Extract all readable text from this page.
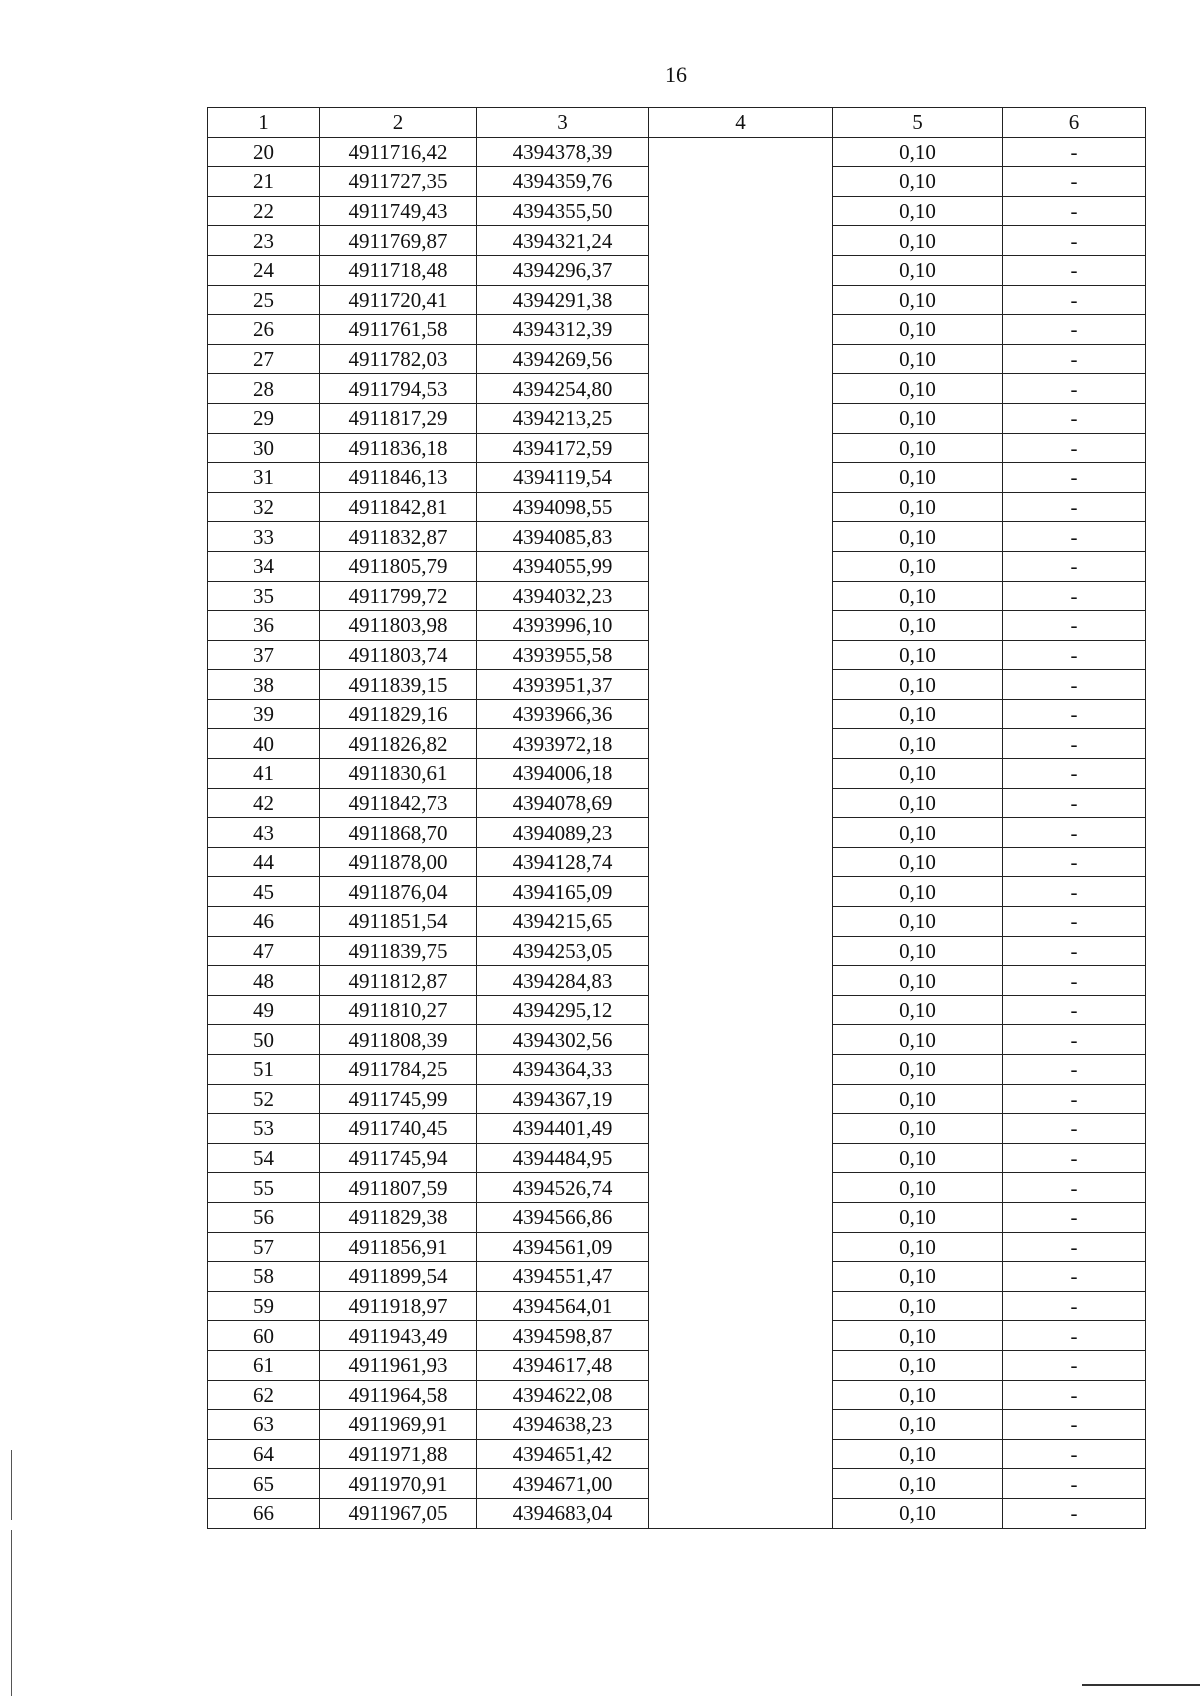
16
1	2	3	4	5	6
20	4911716,42	4394378,39		0,10	-
21	4911727,35	4394359,76		0,10	-
22	4911749,43	4394355,50		0,10	-
23	4911769,87	4394321,24		0,10	-
24	4911718,48	4394296,37		0,10	-
25	4911720,41	4394291,38		0,10	-
26	4911761,58	4394312,39		0,10	-
27	4911782,03	4394269,56		0,10	-
28	4911794,53	4394254,80		0,10	-
29	4911817,29	4394213,25		0,10	-
30	4911836,18	4394172,59		0,10	-
31	4911846,13	4394119,54		0,10	-
32	4911842,81	4394098,55		0,10	-
33	4911832,87	4394085,83		0,10	-
34	4911805,79	4394055,99		0,10	-
35	4911799,72	4394032,23		0,10	-
36	4911803,98	4393996,10		0,10	-
37	4911803,74	4393955,58		0,10	-
38	4911839,15	4393951,37		0,10	-
39	4911829,16	4393966,36		0,10	-
40	4911826,82	4393972,18		0,10	-
41	4911830,61	4394006,18		0,10	-
42	4911842,73	4394078,69		0,10	-
43	4911868,70	4394089,23		0,10	-
44	4911878,00	4394128,74		0,10	-
45	4911876,04	4394165,09		0,10	-
46	4911851,54	4394215,65		0,10	-
47	4911839,75	4394253,05		0,10	-
48	4911812,87	4394284,83		0,10	-
49	4911810,27	4394295,12		0,10	-
50	4911808,39	4394302,56		0,10	-
51	4911784,25	4394364,33		0,10	-
52	4911745,99	4394367,19		0,10	-
53	4911740,45	4394401,49		0,10	-
54	4911745,94	4394484,95		0,10	-
55	4911807,59	4394526,74		0,10	-
56	4911829,38	4394566,86		0,10	-
57	4911856,91	4394561,09		0,10	-
58	4911899,54	4394551,47		0,10	-
59	4911918,97	4394564,01		0,10	-
60	4911943,49	4394598,87		0,10	-
61	4911961,93	4394617,48		0,10	-
62	4911964,58	4394622,08		0,10	-
63	4911969,91	4394638,23		0,10	-
64	4911971,88	4394651,42		0,10	-
65	4911970,91	4394671,00		0,10	-
66	4911967,05	4394683,04		0,10	-
